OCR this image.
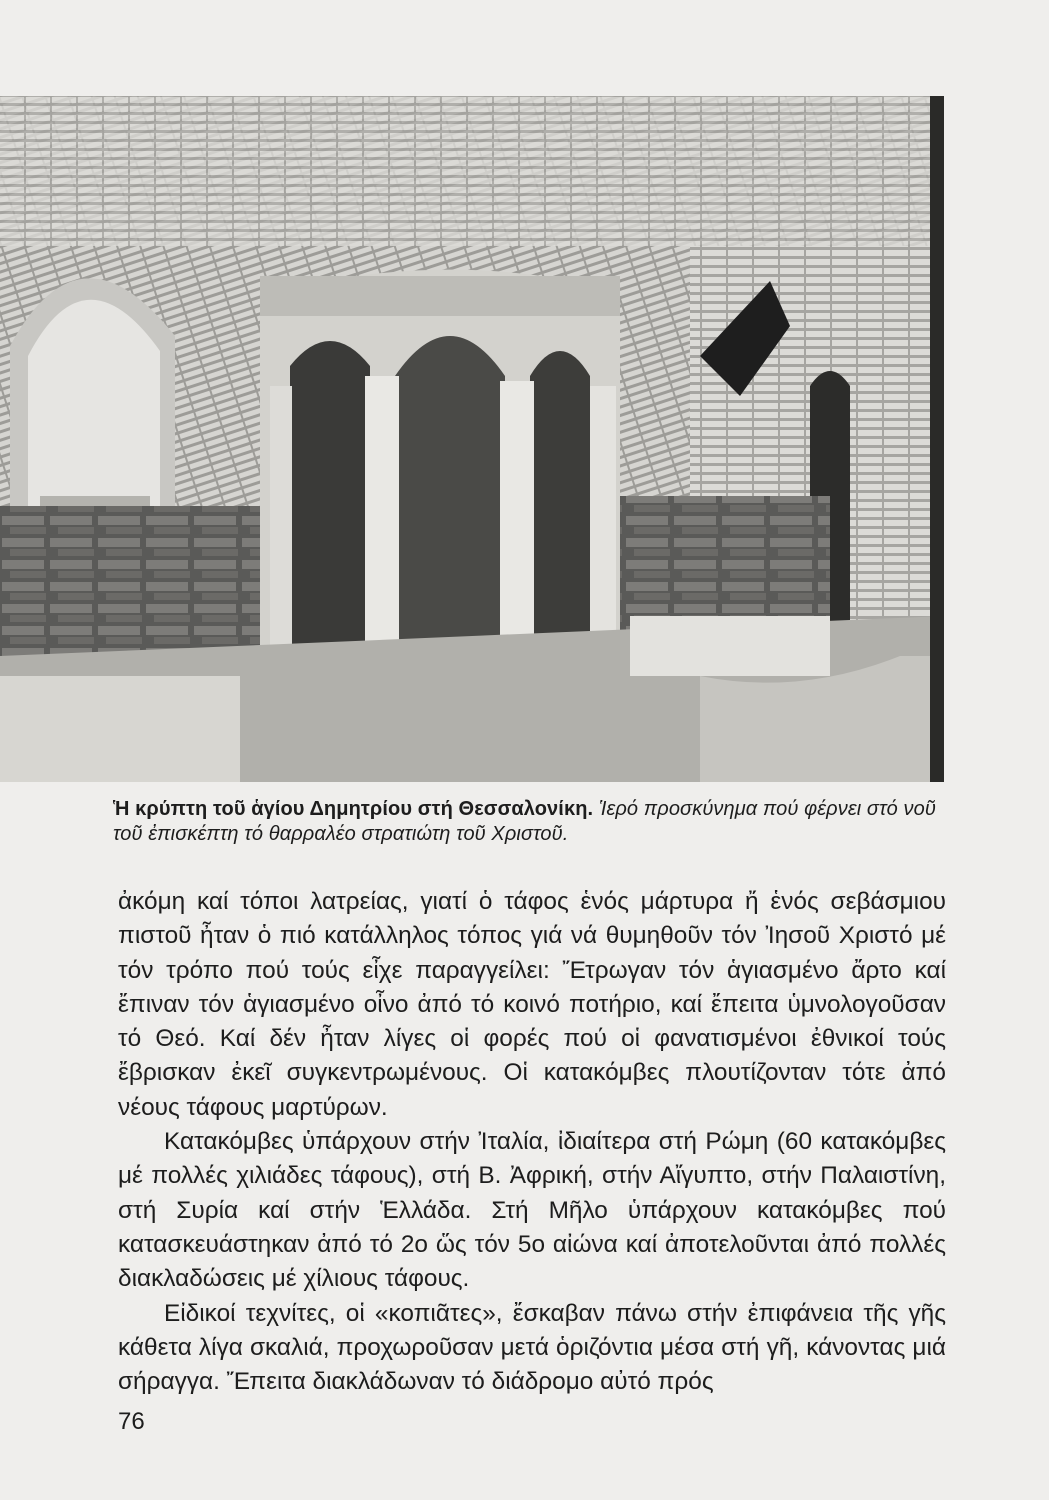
Ἡ κρύπτη τοῦ ἁγίου Δημητρίου στή Θεσσαλονίκη. Ἱερό προσκύνημα πού φέρνει στό νοῦ τοῦ ἐπισκέπτη τό θαρραλέο στρατιώτη τοῦ Χριστοῦ.

ἀκόμη καί τόποι λατρείας, γιατί ὁ τάφος ἑνός μάρτυρα ἤ ἑνός σεβάσμιου πιστοῦ ἦταν ὁ πιό κατάλληλος τόπος γιά νά θυμηθοῦν τόν Ἰησοῦ Χριστό μέ τόν τρόπο πού τούς εἶχε παραγγείλει: Ἔτρωγαν τόν ἁγιασμένο ἄρτο καί ἔπιναν τόν ἁγιασμένο οἶνο ἀπό τό κοινό ποτήριο, καί ἔπειτα ὑμνολογοῦσαν τό Θεό. Καί δέν ἦταν λίγες οἱ φορές πού οἱ φανατισμένοι ἐθνικοί τούς ἔβρισκαν ἐκεῖ συγκεντρωμένους. Οἱ κατακόμβες πλουτίζονταν τότε ἀπό νέους τάφους μαρτύρων.

Κατακόμβες ὑπάρχουν στήν Ἰταλία, ἰδιαίτερα στή Ρώμη (60 κατακόμβες μέ πολλές χιλιάδες τάφους), στή Β. Ἀφρική, στήν Αἴγυπτο, στήν Παλαιστίνη, στή Συρία καί στήν Ἑλλάδα. Στή Μῆλο ὑπάρχουν κατακόμβες πού κατασκευάστηκαν ἀπό τό 2ο ὥς τόν 5ο αἰώνα καί ἀποτελοῦνται ἀπό πολλές διακλαδώσεις μέ χίλιους τάφους.

Εἰδικοί τεχνίτες, οἱ «κοπιᾶτες», ἔσκαβαν πάνω στήν ἐπιφάνεια τῆς γῆς κάθετα λίγα σκαλιά, προχωροῦσαν μετά ὁριζόντια μέσα στή γῆ, κάνοντας μιά σήραγγα. Ἔπειτα διακλάδωναν τό διάδρομο αὐτό πρός

76
